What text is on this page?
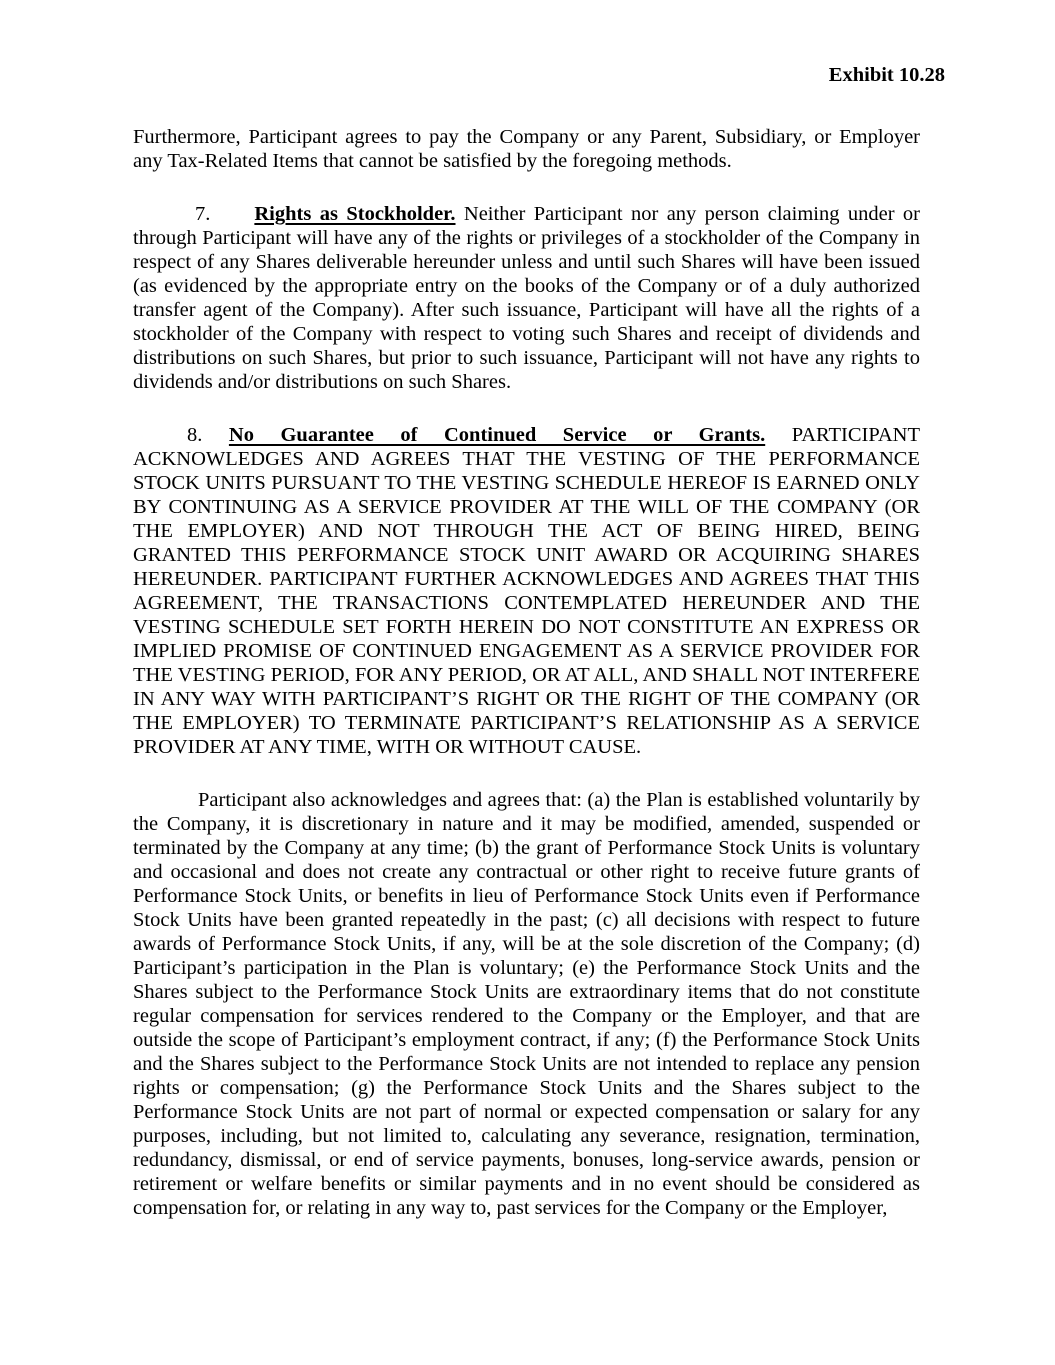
Exhibit 10.28

Furthermore, Participant agrees to pay the Company or any Parent, Subsidiary, or Employer any Tax-Related Items that cannot be satisfied by the foregoing methods.

7. Rights as Stockholder. Neither Participant nor any person claiming under or through Participant will have any of the rights or privileges of a stockholder of the Company in respect of any Shares deliverable hereunder unless and until such Shares will have been issued (as evidenced by the appropriate entry on the books of the Company or of a duly authorized transfer agent of the Company). After such issuance, Participant will have all the rights of a stockholder of the Company with respect to voting such Shares and receipt of dividends and distributions on such Shares, but prior to such issuance, Participant will not have any rights to dividends and/or distributions on such Shares.

8. No Guarantee of Continued Service or Grants. PARTICIPANT ACKNOWLEDGES AND AGREES THAT THE VESTING OF THE PERFORMANCE STOCK UNITS PURSUANT TO THE VESTING SCHEDULE HEREOF IS EARNED ONLY BY CONTINUING AS A SERVICE PROVIDER AT THE WILL OF THE COMPANY (OR THE EMPLOYER) AND NOT THROUGH THE ACT OF BEING HIRED, BEING GRANTED THIS PERFORMANCE STOCK UNIT AWARD OR ACQUIRING SHARES HEREUNDER. PARTICIPANT FURTHER ACKNOWLEDGES AND AGREES THAT THIS AGREEMENT, THE TRANSACTIONS CONTEMPLATED HEREUNDER AND THE VESTING SCHEDULE SET FORTH HEREIN DO NOT CONSTITUTE AN EXPRESS OR IMPLIED PROMISE OF CONTINUED ENGAGEMENT AS A SERVICE PROVIDER FOR THE VESTING PERIOD, FOR ANY PERIOD, OR AT ALL, AND SHALL NOT INTERFERE IN ANY WAY WITH PARTICIPANT’S RIGHT OR THE RIGHT OF THE COMPANY (OR THE EMPLOYER) TO TERMINATE PARTICIPANT’S RELATIONSHIP AS A SERVICE PROVIDER AT ANY TIME, WITH OR WITHOUT CAUSE.

Participant also acknowledges and agrees that: (a) the Plan is established voluntarily by the Company, it is discretionary in nature and it may be modified, amended, suspended or terminated by the Company at any time; (b) the grant of Performance Stock Units is voluntary and occasional and does not create any contractual or other right to receive future grants of Performance Stock Units, or benefits in lieu of Performance Stock Units even if Performance Stock Units have been granted repeatedly in the past; (c) all decisions with respect to future awards of Performance Stock Units, if any, will be at the sole discretion of the Company; (d) Participant’s participation in the Plan is voluntary; (e) the Performance Stock Units and the Shares subject to the Performance Stock Units are extraordinary items that do not constitute regular compensation for services rendered to the Company or the Employer, and that are outside the scope of Participant’s employment contract, if any; (f) the Performance Stock Units and the Shares subject to the Performance Stock Units are not intended to replace any pension rights or compensation; (g) the Performance Stock Units and the Shares subject to the Performance Stock Units are not part of normal or expected compensation or salary for any purposes, including, but not limited to, calculating any severance, resignation, termination, redundancy, dismissal, or end of service payments, bonuses, long-service awards, pension or retirement or welfare benefits or similar payments and in no event should be considered as compensation for, or relating in any way to, past services for the Company or the Employer,
